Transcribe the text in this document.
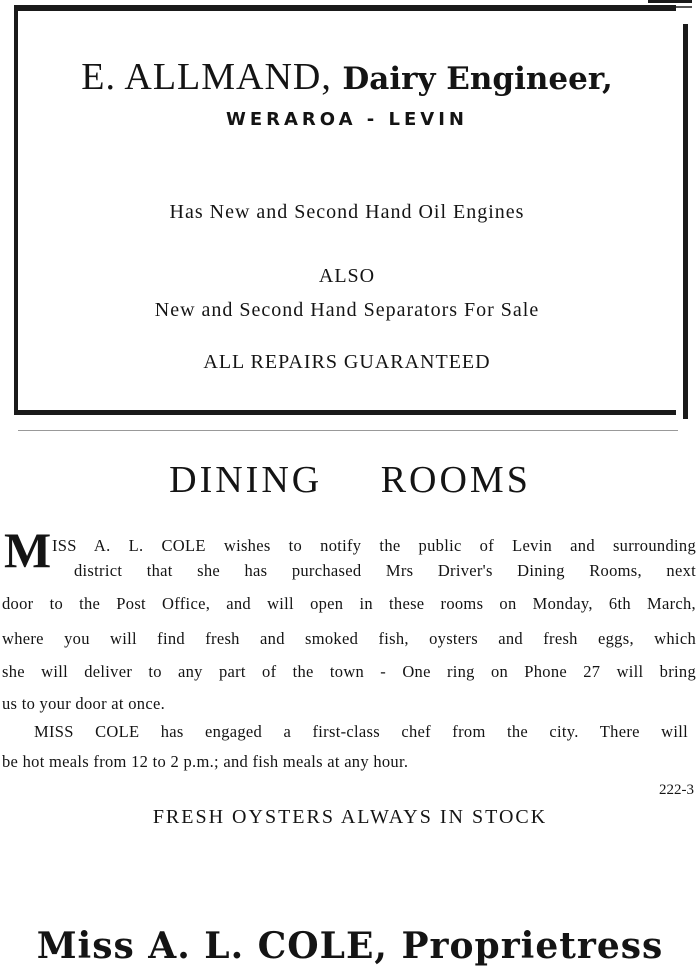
E. ALLMAND, Dairy Engineer,
WERAROA - LEVIN
Has New and Second Hand Oil Engines
ALSO
New and Second Hand Separators For Sale
ALL REPAIRS GUARANTEED
DINING ROOMS
M ISS A. L. COLE wishes to notify the public of Levin and surrounding
district that she has purchased Mrs Driver's Dining Rooms, next
door to the Post Office, and will open in these rooms on Monday, 6th March,
where you will find fresh and smoked fish, oysters and fresh eggs, which
she will deliver to any part of the town - One ring on Phone 27 will bring
us to your door at once.
MISS COLE has engaged a first-class chef from the city. There will
be hot meals from 12 to 2 p.m.; and fish meals at any hour.
222-3
FRESH OYSTERS ALWAYS IN STOCK
Miss A. L. COLE, Proprietress
